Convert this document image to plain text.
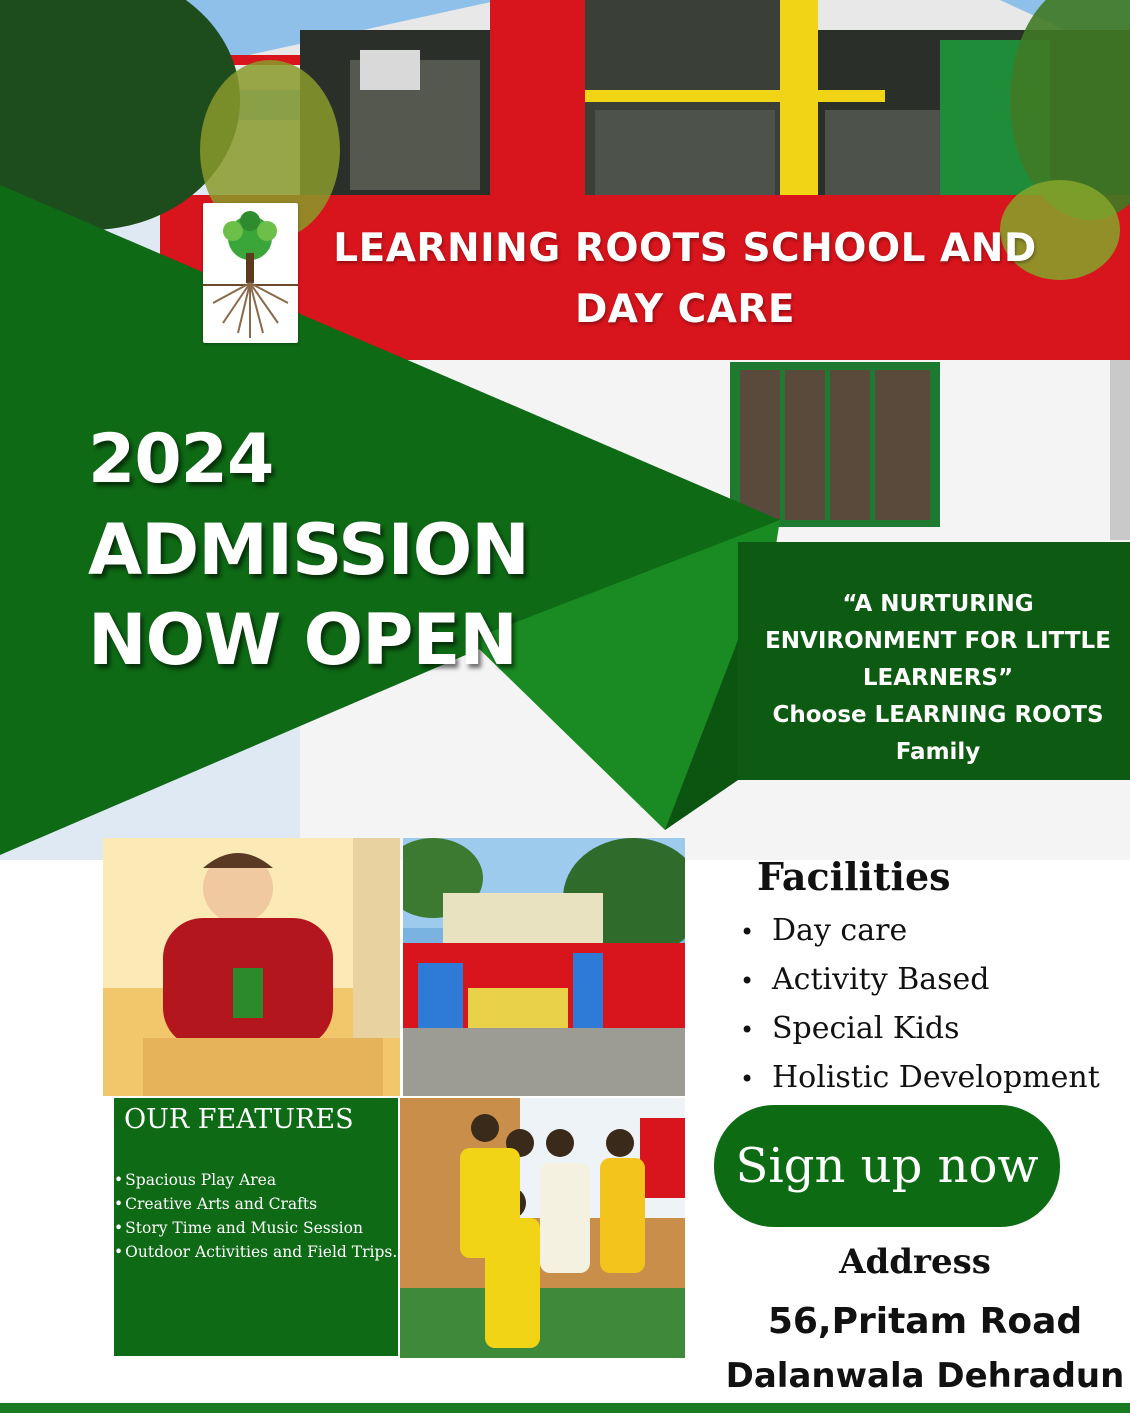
LEARNING ROOTS SCHOOL AND DAY CARE
2024
ADMISSION
NOW OPEN	“A NURTURING ENVIRONMENT FOR LITTLE LEARNERS”
Choose LEARNING ROOTS Family
OUR FEATURES
• Spacious Play Area
• Creative Arts and Crafts
• Story Time and Music Session
• Outdoor Activities and Field Trips.
Facilities
• Day care
• Activity Based
• Special Kids
• Holistic Development
Sign up now
Address
56,Pritam Road
Dalanwala Dehradun
